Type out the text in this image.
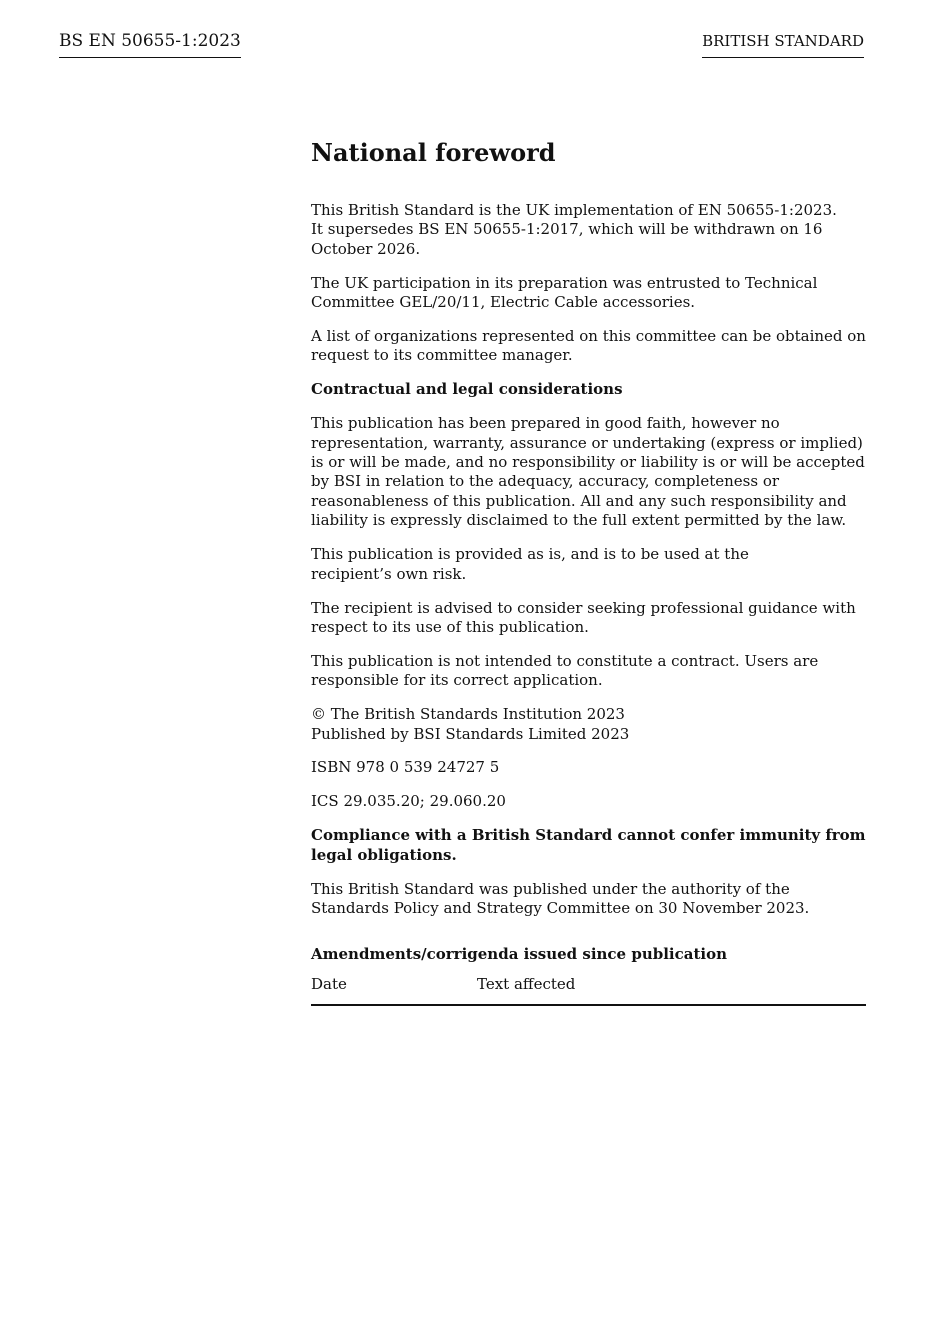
BS EN 50655-1:2023	BRITISH STANDARD
National foreword

This British Standard is the UK implementation of EN 50655-1:2023.
It supersedes BS EN 50655-1:2017, which will be withdrawn on 16
October 2026.

The UK participation in its preparation was entrusted to Technical Committee GEL/20/11, Electric Cable accessories.

A list of organizations represented on this committee can be obtained on request to its committee manager.

Contractual and legal considerations

This publication has been prepared in good faith, however no representation, warranty, assurance or undertaking (express or implied) is or will be made, and no responsibility or liability is or will be accepted by BSI in relation to the adequacy, accuracy, completeness or reasonableness of this publication. All and any such responsibility and liability is expressly disclaimed to the full extent permitted by the law.

This publication is provided as is, and is to be used at the
recipient’s own risk.

The recipient is advised to consider seeking professional guidance with respect to its use of this publication.

This publication is not intended to constitute a contract. Users are responsible for its correct application.

© The British Standards Institution 2023
Published by BSI Standards Limited 2023

ISBN 978 0 539 24727 5

ICS 29.035.20; 29.060.20

Compliance with a British Standard cannot confer immunity from legal obligations.

This British Standard was published under the authority of the Standards Policy and Strategy Committee on 30 November 2023.

Amendments/corrigenda issued since publication
Date	Text affected
